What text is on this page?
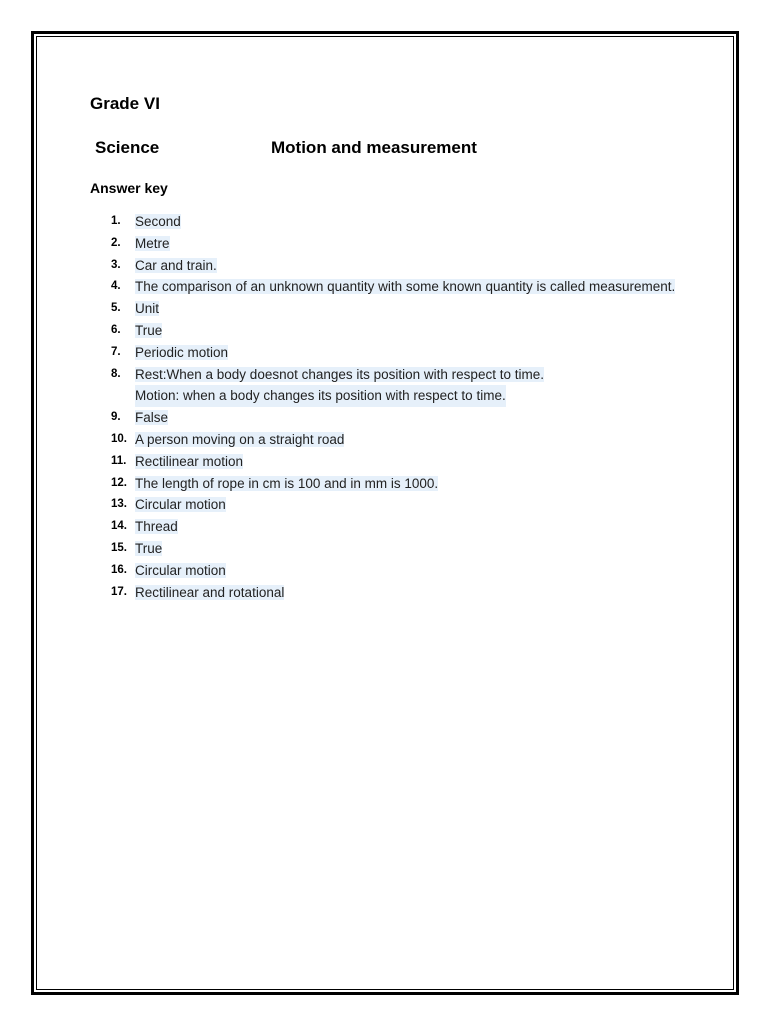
Grade VI
Science	Motion and measurement
Answer key
1. Second
2. Metre
3. Car and train.
4. The comparison of an unknown quantity with some known quantity is called measurement.
5. Unit
6. True
7. Periodic motion
8. Rest:When a body doesnot changes its position with respect to time.
Motion: when a body changes its position with respect to time.
9. False
10. A person moving on a straight road
11. Rectilinear motion
12. The length of rope in cm is 100 and in mm is 1000.
13. Circular motion
14. Thread
15. True
16. Circular motion
17. Rectilinear and rotational
